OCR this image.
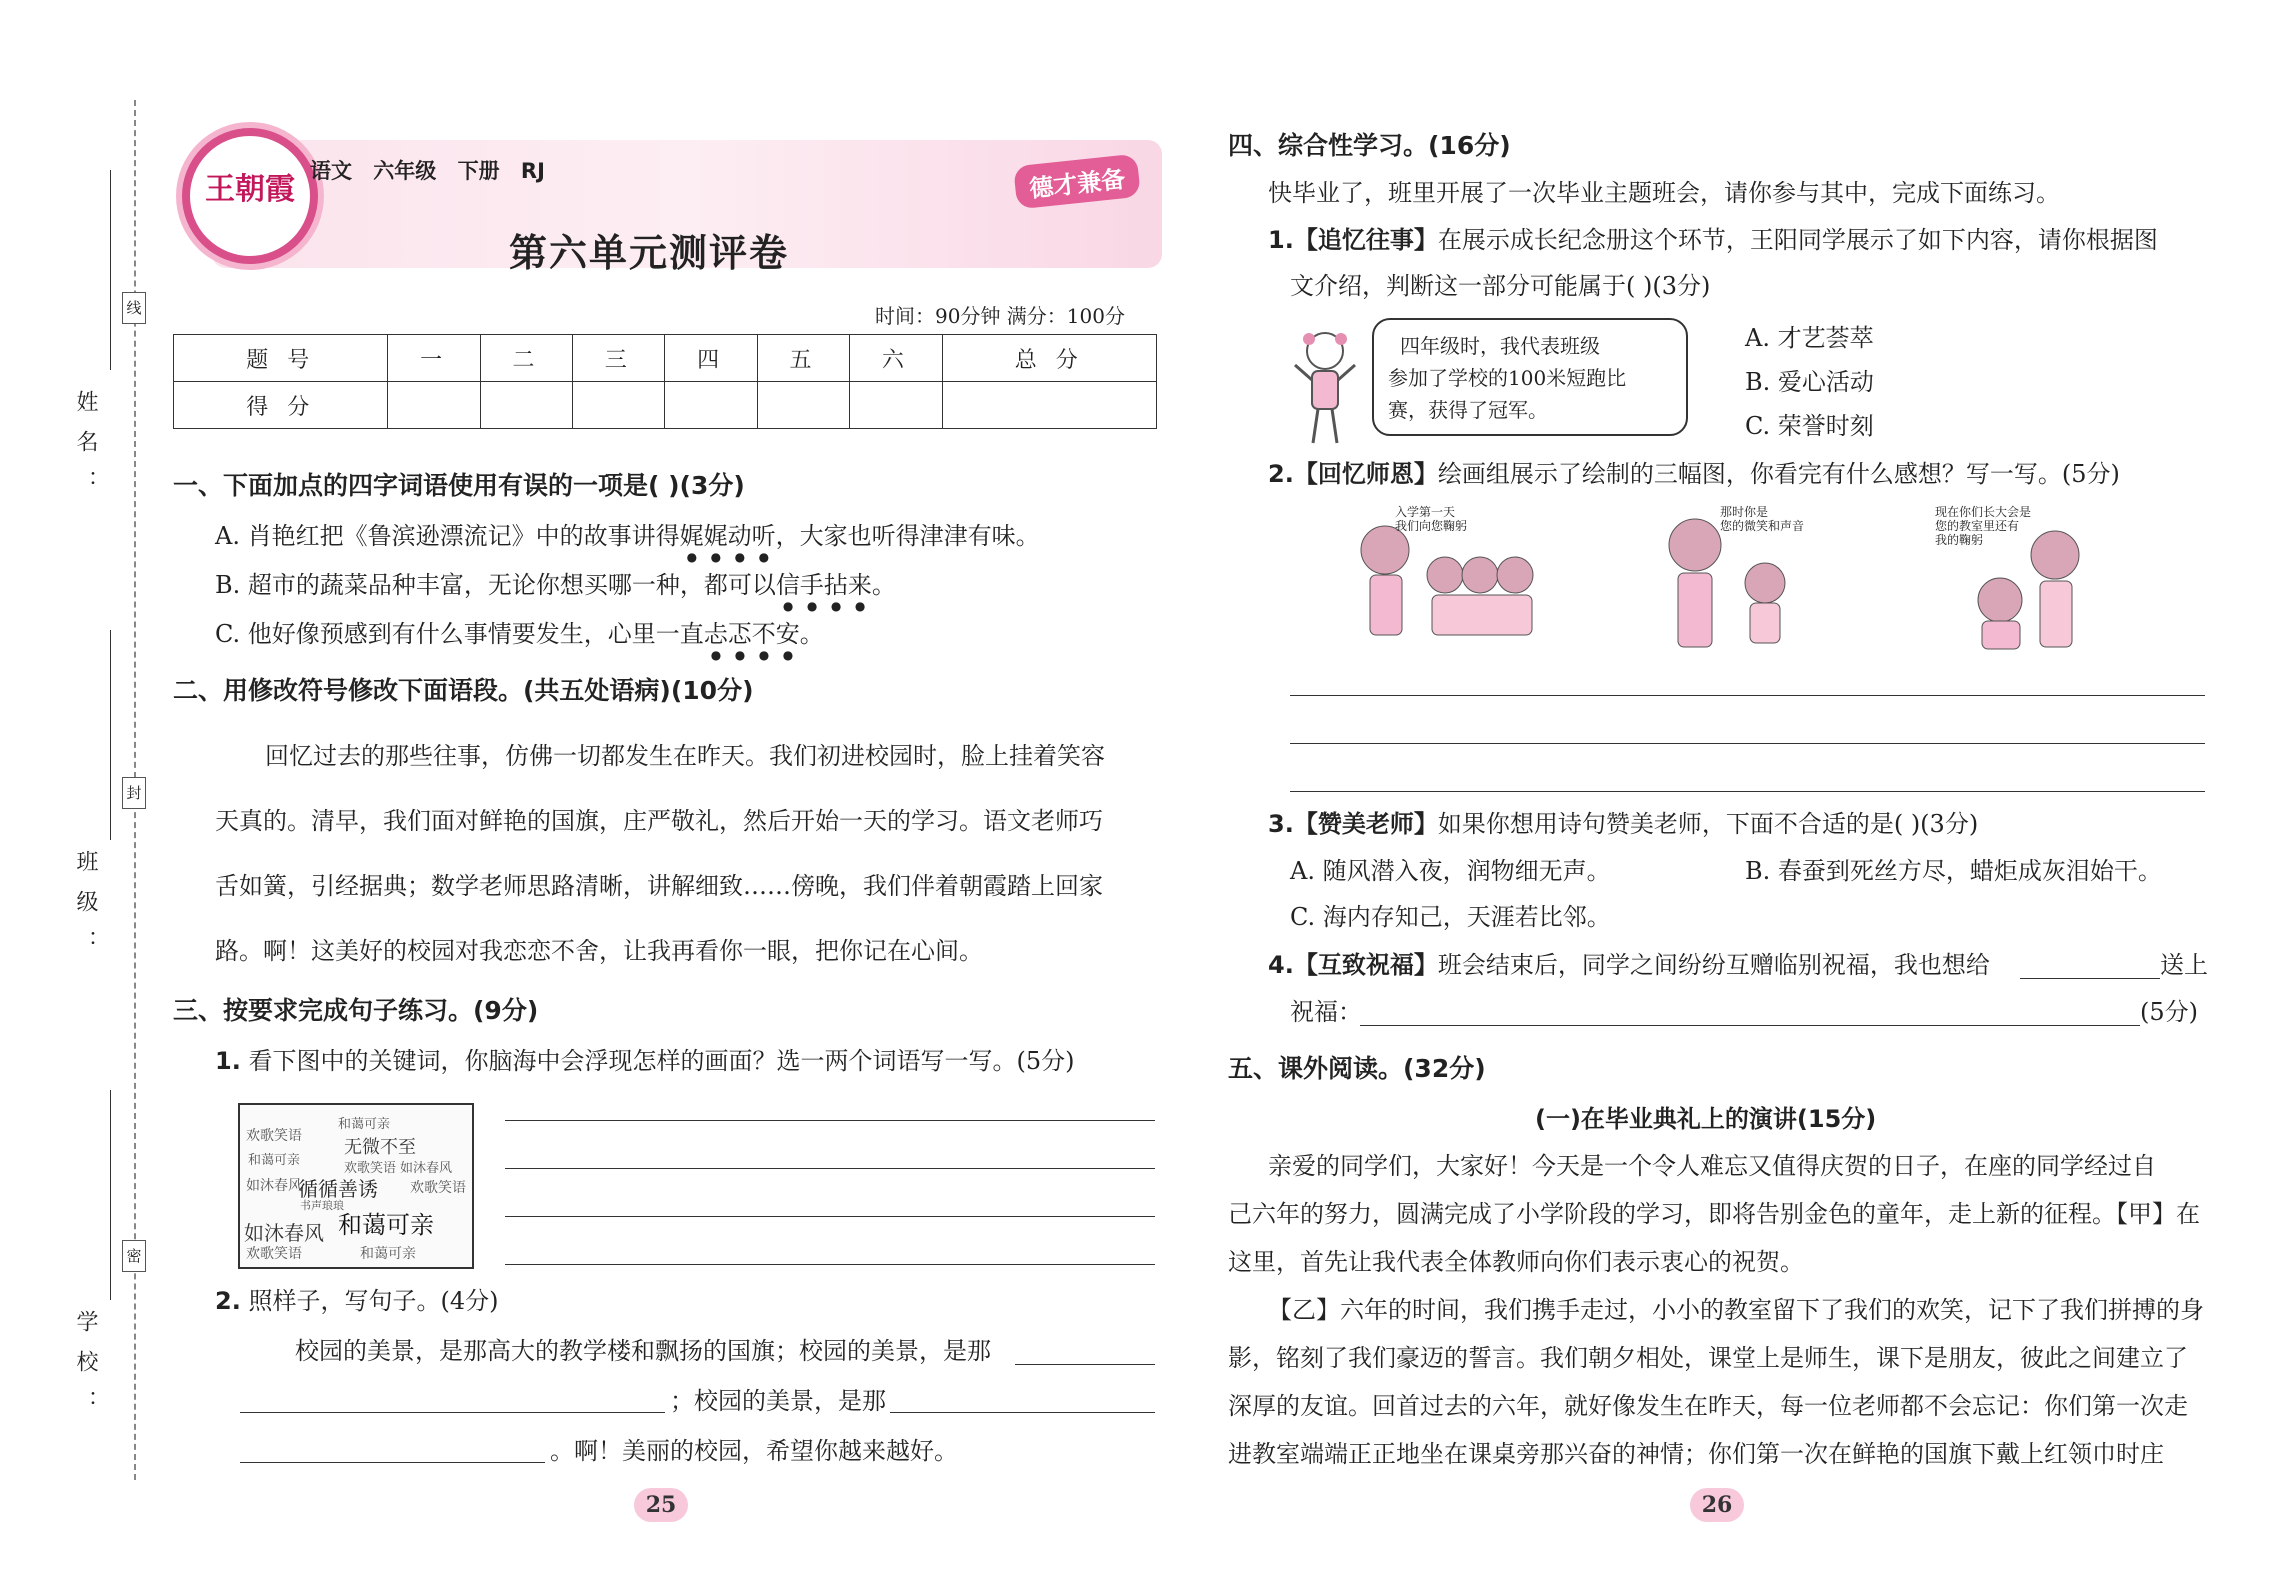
线
封
密
姓名：
班级：
学校：
王朝霞
语文 六年级 下册 RJ	德才兼备
第六单元测评卷
时间：90分钟 满分：100分
题 号	一	二	三	四	五	六	总 分
得 分							
一、下面加点的四字词语使用有误的一项是( )(3分)
A. 肖艳红把《鲁滨逊漂流记》中的故事讲得娓娓动听，大家也听得津津有味。
B. 超市的蔬菜品种丰富，无论你想买哪一种，都可以信手拈来。
C. 他好像预感到有什么事情要发生，心里一直忐忑不安。
二、用修改符号修改下面语段。(共五处语病)(10分)
回忆过去的那些往事，仿佛一切都发生在昨天。我们初进校园时，脸上挂着笑容
天真的。清早，我们面对鲜艳的国旗，庄严敬礼，然后开始一天的学习。语文老师巧
舌如簧，引经据典；数学老师思路清晰，讲解细致……傍晚，我们伴着朝霞踏上回家
路。啊！这美好的校园对我恋恋不舍，让我再看你一眼，把你记在心间。
三、按要求完成句子练习。(9分)
1. 看下图中的关键词，你脑海中会浮现怎样的画面？选一两个词语写一写。(5分)
欢歌笑语
无微不至
如沐春风
循循善诱
和蔼可亲
如沐春风
欢歌笑语	和蔼可亲
欢歌笑语
书声琅琅
如沐春风
和蔼可亲
欢歌笑语
和蔼可亲
2. 照样子，写句子。(4分)
校园的美景，是那高大的教学楼和飘扬的国旗；校园的美景，是那
；校园的美景，是那
。啊！美丽的校园，希望你越来越好。
25
四、综合性学习。(16分)
快毕业了，班里开展了一次毕业主题班会，请你参与其中，完成下面练习。
1.【追忆往事】在展示成长纪念册这个环节，王阳同学展示了如下内容，请你根据图
文介绍，判断这一部分可能属于( )(3分)
四年级时，我代表班级
参加了学校的100米短跑比
赛，获得了冠军。
A. 才艺荟萃
B. 爱心活动
C. 荣誉时刻
2.【回忆师恩】绘画组展示了绘制的三幅图，你看完有什么感想？写一写。(5分)
入学第一天
我们向您鞠躬
那时你是
您的微笑和声音
现在你们长大会是
您的教室里还有
我的鞠躬
3.【赞美老师】如果你想用诗句赞美老师，下面不合适的是( )(3分)
A. 随风潜入夜，润物细无声。	B. 春蚕到死丝方尽，蜡炬成灰泪始干。
C. 海内存知己，天涯若比邻。
4.【互致祝福】班会结束后，同学之间纷纷互赠临别祝福，我也想给	送上
祝福：	(5分)
五、课外阅读。(32分)
(一)在毕业典礼上的演讲(15分)
亲爱的同学们，大家好！今天是一个令人难忘又值得庆贺的日子，在座的同学经过自
己六年的努力，圆满完成了小学阶段的学习，即将告别金色的童年，走上新的征程。【甲】在
这里，首先让我代表全体教师向你们表示衷心的祝贺。
【乙】六年的时间，我们携手走过，小小的教室留下了我们的欢笑，记下了我们拼搏的身
影，铭刻了我们豪迈的誓言。我们朝夕相处，课堂上是师生，课下是朋友，彼此之间建立了
深厚的友谊。回首过去的六年，就好像发生在昨天，每一位老师都不会忘记：你们第一次走
进教室端端正正地坐在课桌旁那兴奋的神情；你们第一次在鲜艳的国旗下戴上红领巾时庄
26
